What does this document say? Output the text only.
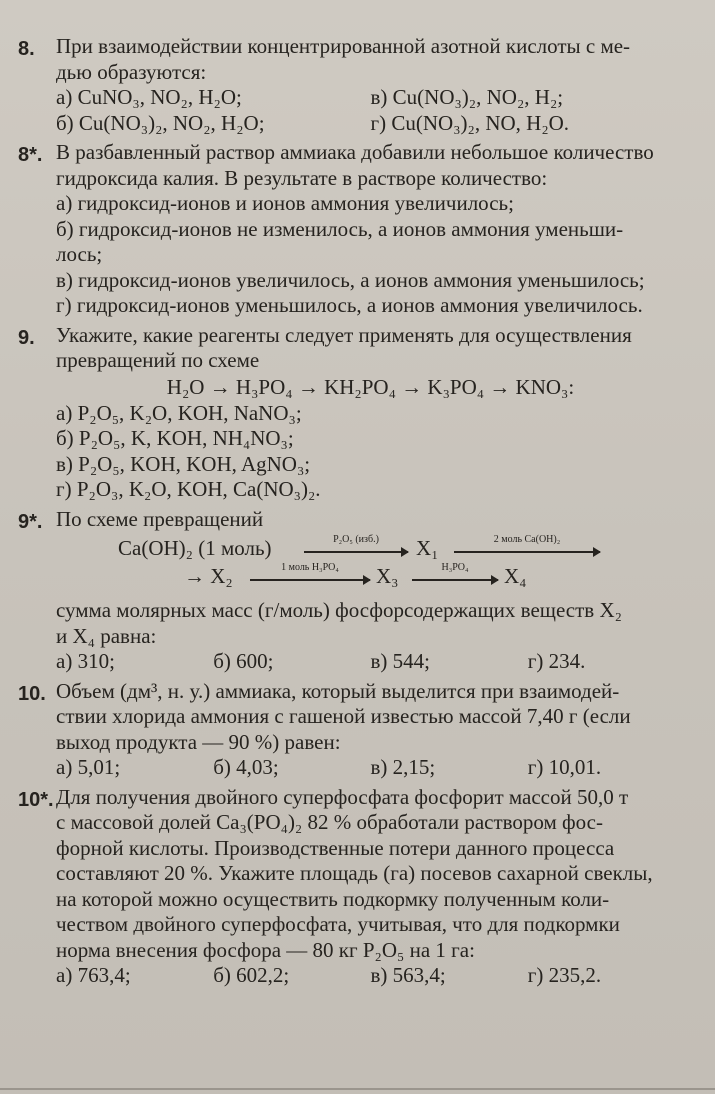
8. При взаимодействии концентрированной азотной кислоты с ме-
дью образуются:
а) CuNO₃, NO₂, H₂O;	в) Cu(NO₃)₂, NO₂, H₂;
б) Cu(NO₃)₂, NO₂, H₂O;	г) Cu(NO₃)₂, NO, H₂O.
8*. В разбавленный раствор аммиака добавили небольшое количество
гидроксида калия. В результате в растворе количество:
а) гидроксид-ионов и ионов аммония увеличилось;
б) гидроксид-ионов не изменилось, а ионов аммония уменьши-
лось;
в) гидроксид-ионов увеличилось, а ионов аммония уменьшилось;
г) гидроксид-ионов уменьшилось, а ионов аммония увеличилось.
9. Укажите, какие реагенты следует применять для осуществления
превращений по схеме
H₂O → H₃PO₄ → KH₂PO₄ → K₃PO₄ → KNO₃:
а) P₂O₅, K₂O, KOH, NaNO₃;
б) P₂O₅, K, KOH, NH₄NO₃;
в) P₂O₅, KOH, KOH, AgNO₃;
г) P₂O₃, K₂O, KOH, Ca(NO₃)₂.
9*. По схеме превращений
Ca(OH)₂ (1 моль)	P₂O₅ (изб.)	X₁	2 моль Ca(OH)₂
→ X₂	1 моль H₃PO₄	X₃	H₃PO₄	X₄
сумма молярных масс (г/моль) фосфорсодержащих веществ X₂
и X₄ равна:
а) 310;	б) 600;	в) 544;	г) 234.
10. Объем (дм³, н. у.) аммиака, который выделится при взаимодей-
ствии хлорида аммония с гашеной известью массой 7,40 г (если
выход продукта — 90 %) равен:
а) 5,01;	б) 4,03;	в) 2,15;	г) 10,01.
10*. Для получения двойного суперфосфата фосфорит массой 50,0 т
с массовой долей Ca₃(PO₄)₂ 82 % обработали раствором фос-
форной кислоты. Производственные потери данного процесса
составляют 20 %. Укажите площадь (га) посевов сахарной свеклы,
на которой можно осуществить подкормку полученным коли-
чеством двойного суперфосфата, учитывая, что для подкормки
норма внесения фосфора — 80 кг P₂O₅ на 1 га:
а) 763,4;	б) 602,2;	в) 563,4;	г) 235,2.
